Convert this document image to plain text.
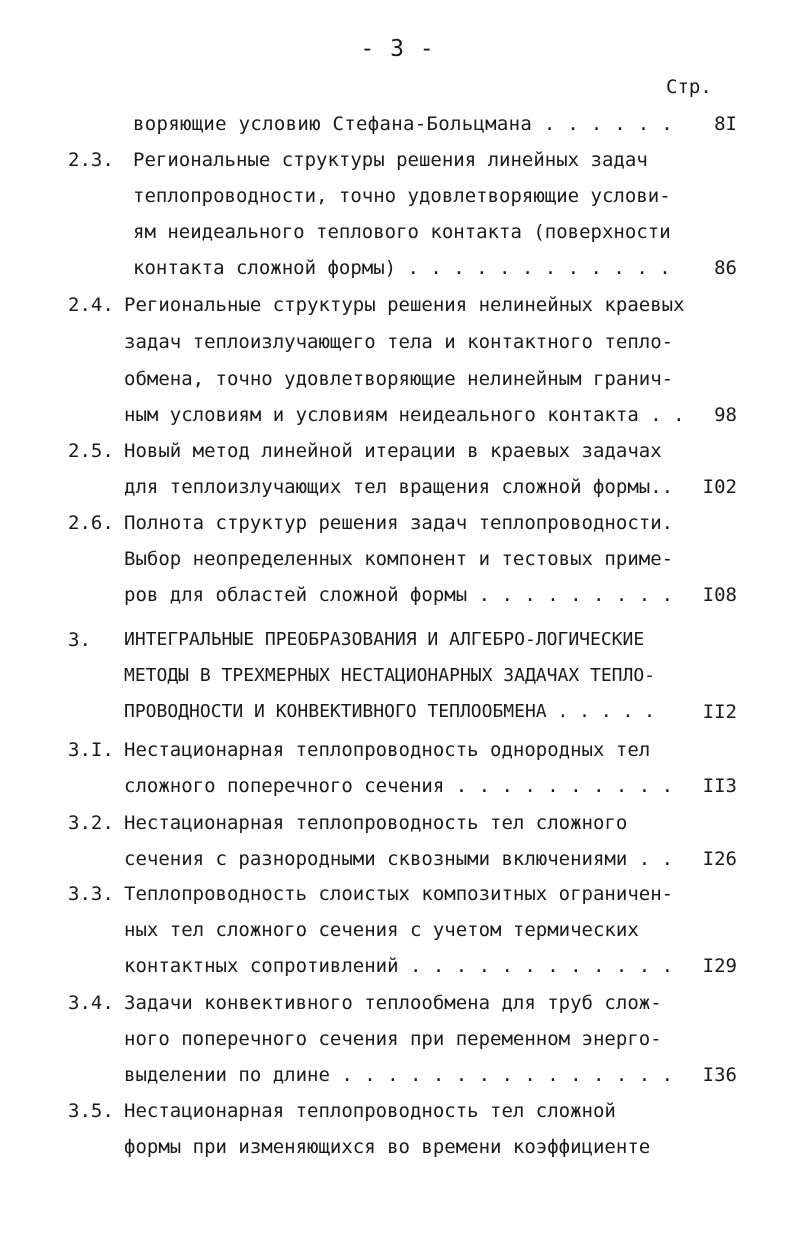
- 3 -
Стр.
воряющие условию Стефана-Больцмана . . . . . .	8I
2.3. Региональные структуры решения линейных задач
теплопроводности, точно удовлетворяющие услови-
ям неидеального теплового контакта (поверхности
контакта сложной формы) . . . . . . . . . . . .	86
2.4. Региональные структуры решения нелинейных краевых
задач теплоизлучающего тела и контактного тепло-
обмена, точно удовлетворяющие нелинейным гранич-
ным условиям и условиям неидеального контакта . .	98
2.5. Новый метод линейной итерации в краевых задачах
для теплоизлучающих тел вращения сложной формы..	I02
2.6. Полнота структур решения задач теплопроводности.
Выбор неопределенных компонент и тестовых приме-
ров для областей сложной формы . . . . . . . . .	I08
3. ИНТЕГРАЛЬНЫЕ ПРЕОБРАЗОВАНИЯ И АЛГЕБРО-ЛОГИЧЕСКИЕ
МЕТОДЫ В ТРЕХМЕРНЫХ НЕСТАЦИОНАРНЫХ ЗАДАЧАХ ТЕПЛО-
ПРОВОДНОСТИ И КОНВЕКТИВНОГО ТЕПЛООБМЕНА . . . . .	II2
3.I. Нестационарная теплопроводность однородных тел
сложного поперечного сечения . . . . . . . . . .	II3
3.2. Нестационарная теплопроводность тел сложного
сечения с разнородными сквозными включениями . .	I26
3.3. Теплопроводность слоистых композитных ограничен-
ных тел сложного сечения с учетом термических
контактных сопротивлений . . . . . . . . . . . .	I29
3.4. Задачи конвективного теплообмена для труб слож-
ного поперечного сечения при переменном энерго-
выделении по длине . . . . . . . . . . . . . . .	I36
3.5. Нестационарная теплопроводность тел сложной
формы при изменяющихся во времени коэффициенте
